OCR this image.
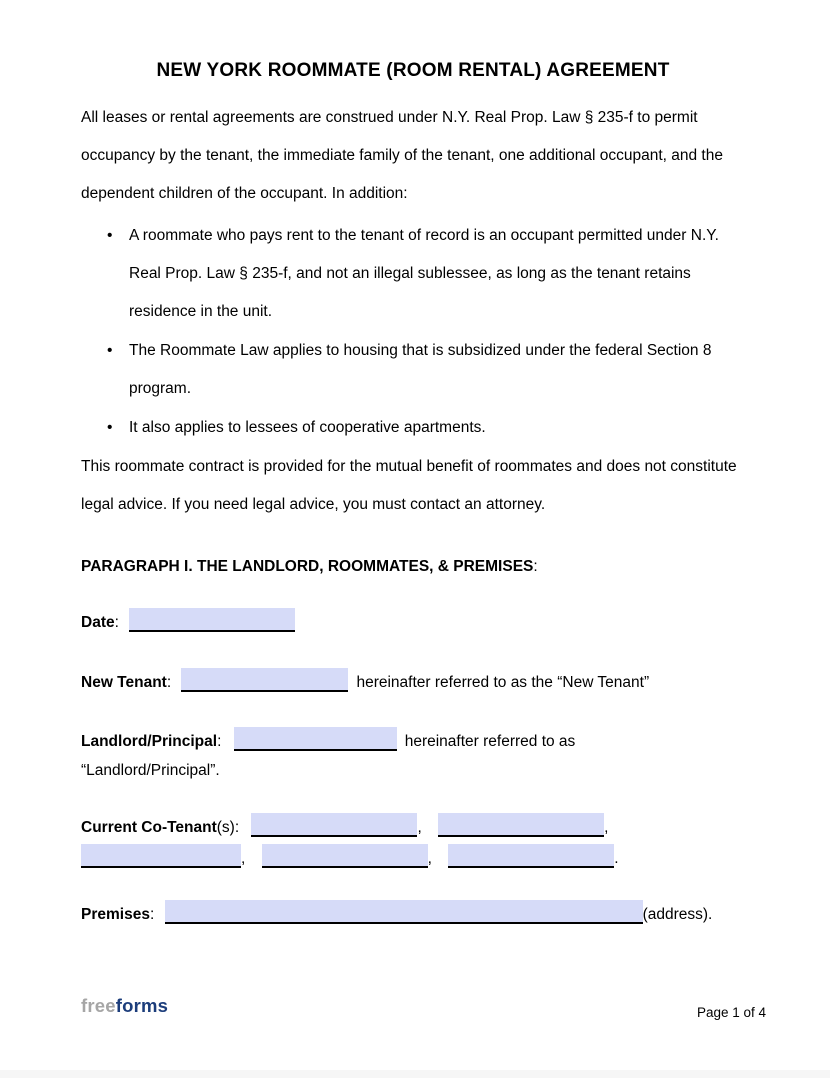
NEW YORK ROOMMATE (ROOM RENTAL) AGREEMENT

All leases or rental agreements are construed under N.Y. Real Prop. Law § 235-f to permit occupancy by the tenant, the immediate family of the tenant, one additional occupant, and the dependent children of the occupant. In addition:

• A roommate who pays rent to the tenant of record is an occupant permitted under N.Y. Real Prop. Law § 235-f, and not an illegal sublessee, as long as the tenant retains residence in the unit.
• The Roommate Law applies to housing that is subsidized under the federal Section 8 program.
• It also applies to lessees of cooperative apartments.

This roommate contract is provided for the mutual benefit of roommates and does not constitute legal advice. If you need legal advice, you must contact an attorney.

PARAGRAPH I. THE LANDLORD, ROOMMATES, & PREMISES:
Date:
New Tenant:	hereinafter referred to as the “New Tenant”
Landlord/Principal:	hereinafter referred to as
“Landlord/Principal”.
Current Co-Tenant(s):	,	,
,	,	.
Premises:	(address).
freeforms	Page 1 of 4
